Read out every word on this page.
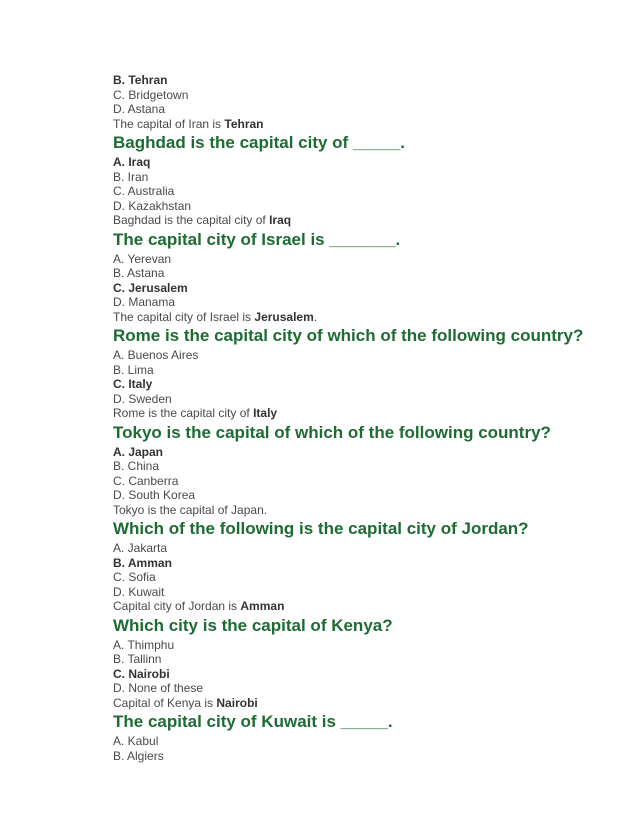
B. Tehran
C. Bridgetown
D. Astana
The capital of Iran is Tehran
Baghdad is the capital city of _____.
A. Iraq
B. Iran
C. Australia
D. Kazakhstan
Baghdad is the capital city of Iraq
The capital city of Israel is _______.
A. Yerevan
B. Astana
C. Jerusalem
D. Manama
The capital city of Israel is Jerusalem.
Rome is the capital city of which of the following country?
A. Buenos Aires
B. Lima
C. Italy
D. Sweden
Rome is the capital city of Italy
Tokyo is the capital of which of the following country?
A. Japan
B. China
C. Canberra
D. South Korea
Tokyo is the capital of Japan.
Which of the following is the capital city of Jordan?
A. Jakarta
B. Amman
C. Sofia
D. Kuwait
Capital city of Jordan is Amman
Which city is the capital of Kenya?
A. Thimphu
B. Tallinn
C. Nairobi
D. None of these
Capital of Kenya is Nairobi
The capital city of Kuwait is _____.
A. Kabul
B. Algiers
